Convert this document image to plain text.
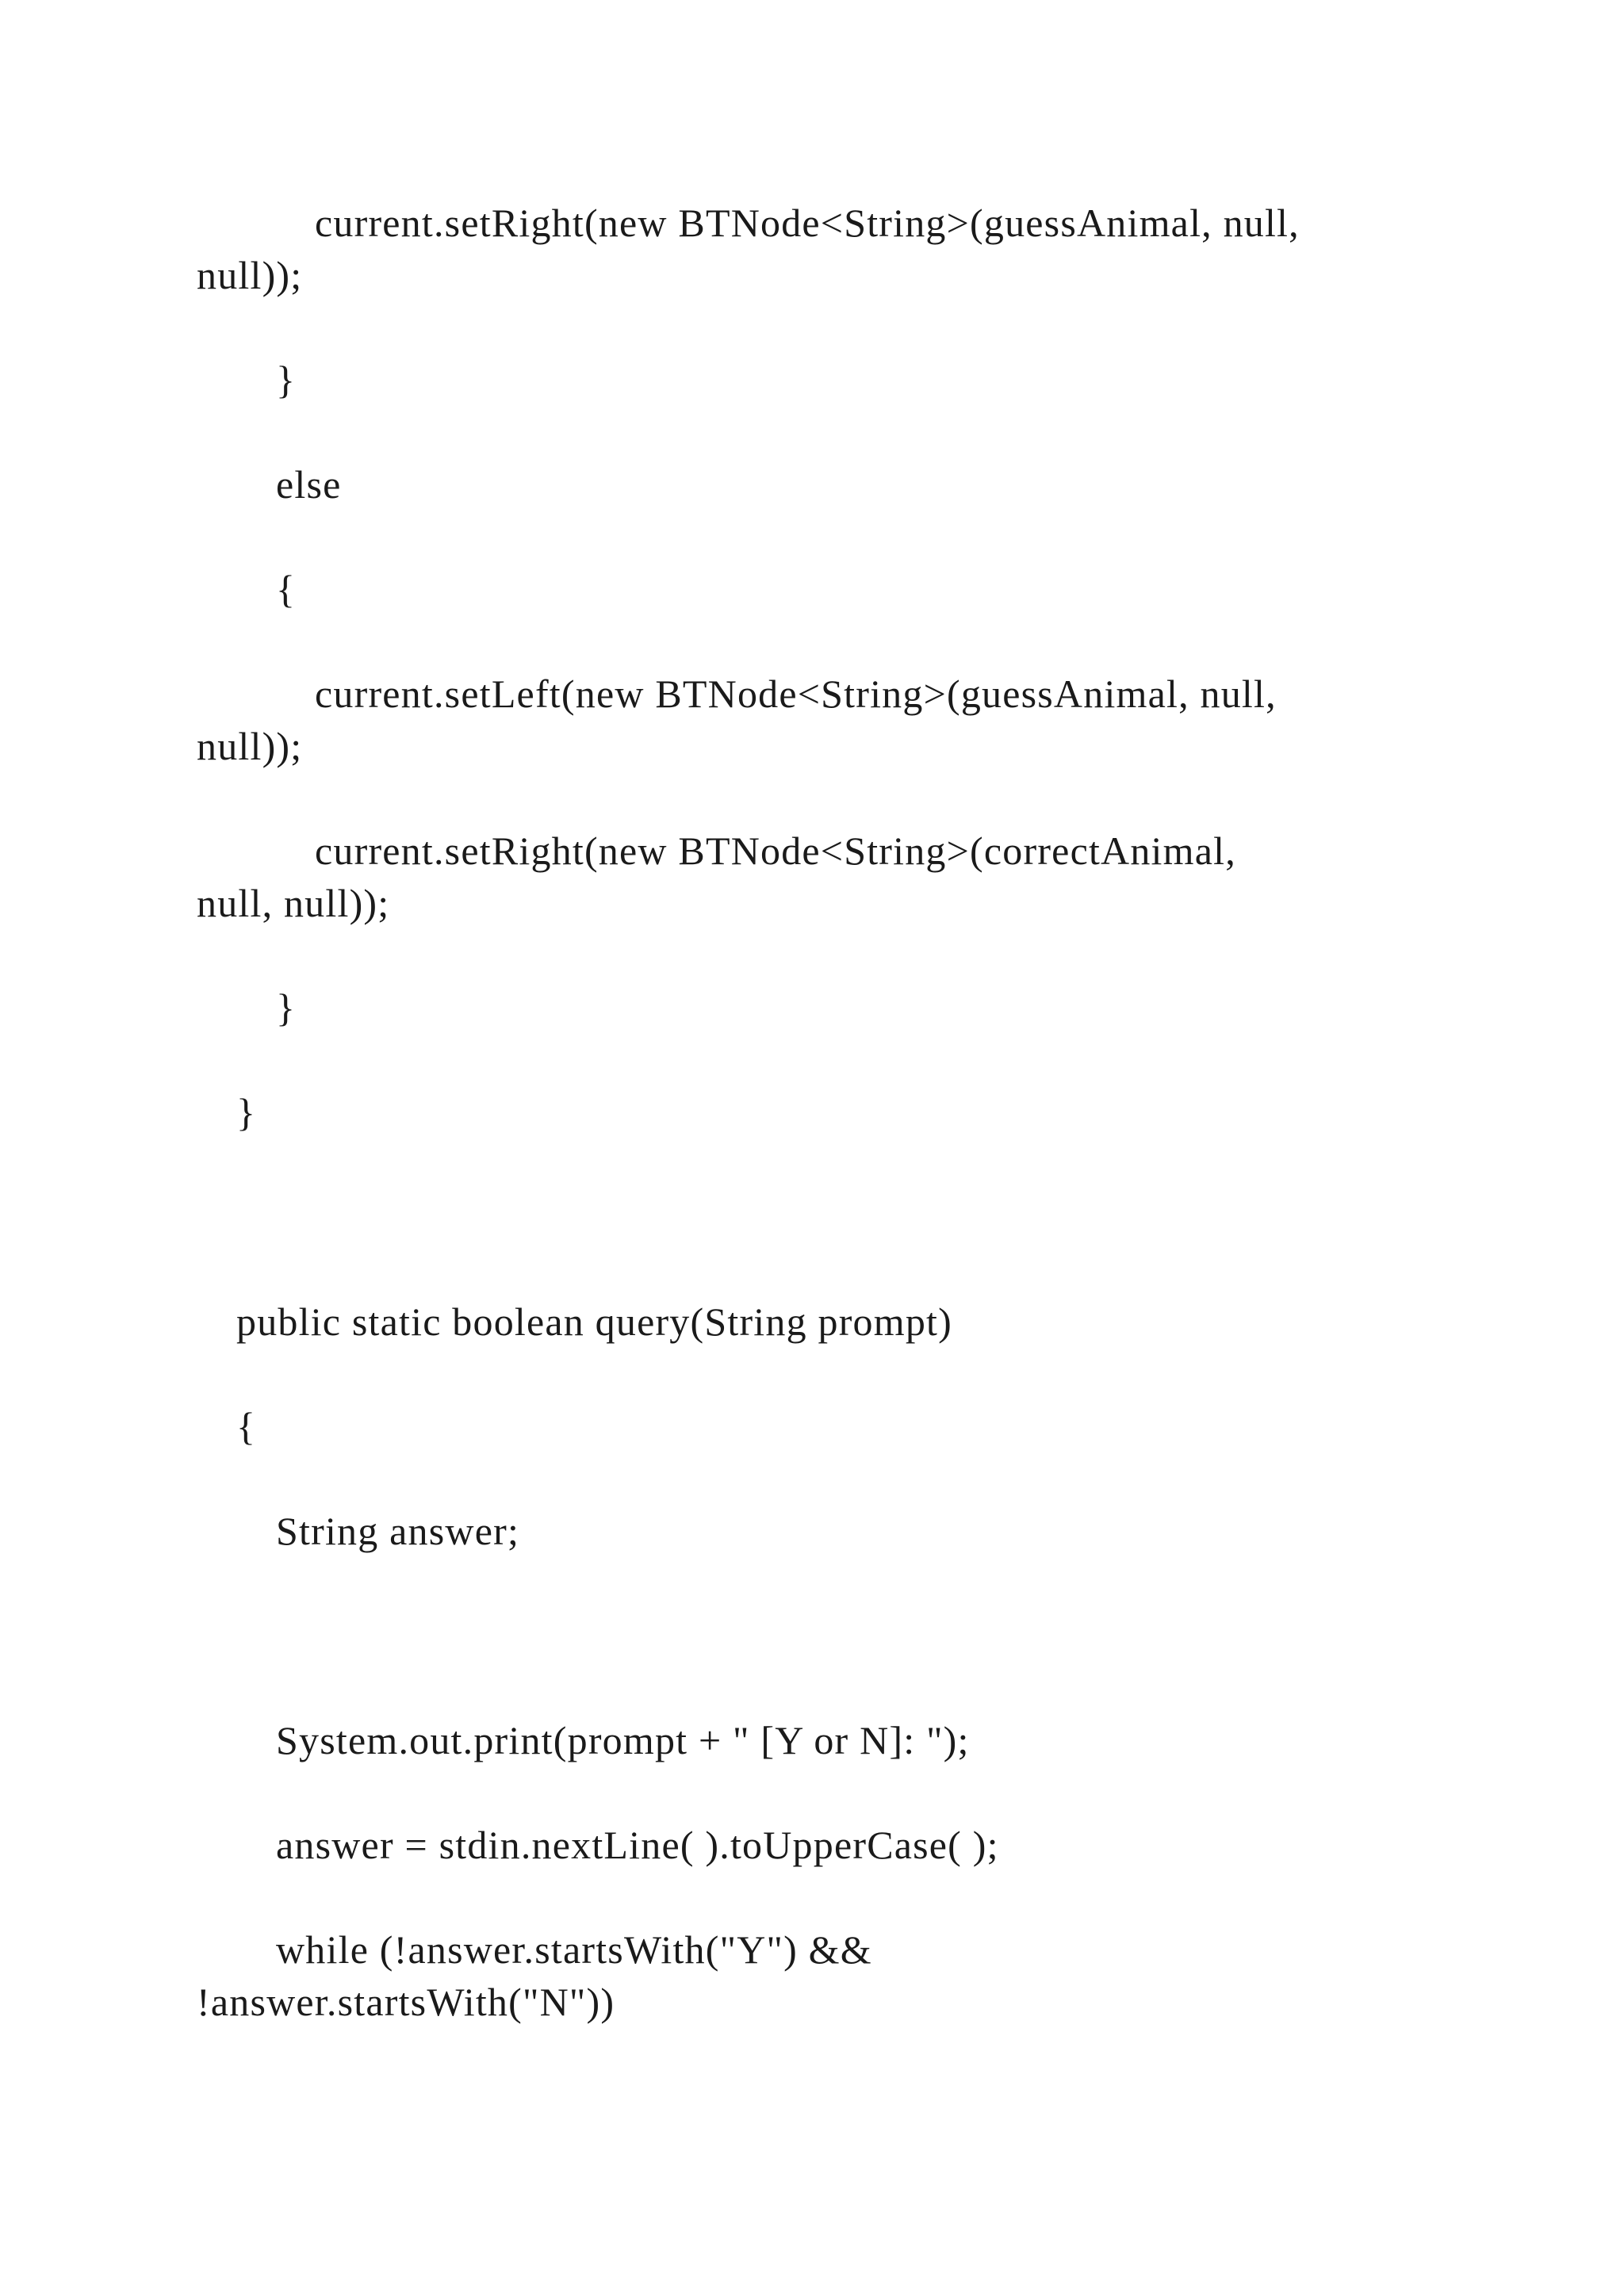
current.setRight(new BTNode<String>(guessAnimal, null,

null));

}

else

{

current.setLeft(new BTNode<String>(guessAnimal, null,

null));

current.setRight(new BTNode<String>(correctAnimal,

null, null));

}

}

public static boolean query(String prompt)

{

String answer;

System.out.print(prompt + " [Y or N]: ");

answer = stdin.nextLine( ).toUpperCase( );

while (!answer.startsWith("Y") &&

!answer.startsWith("N"))
